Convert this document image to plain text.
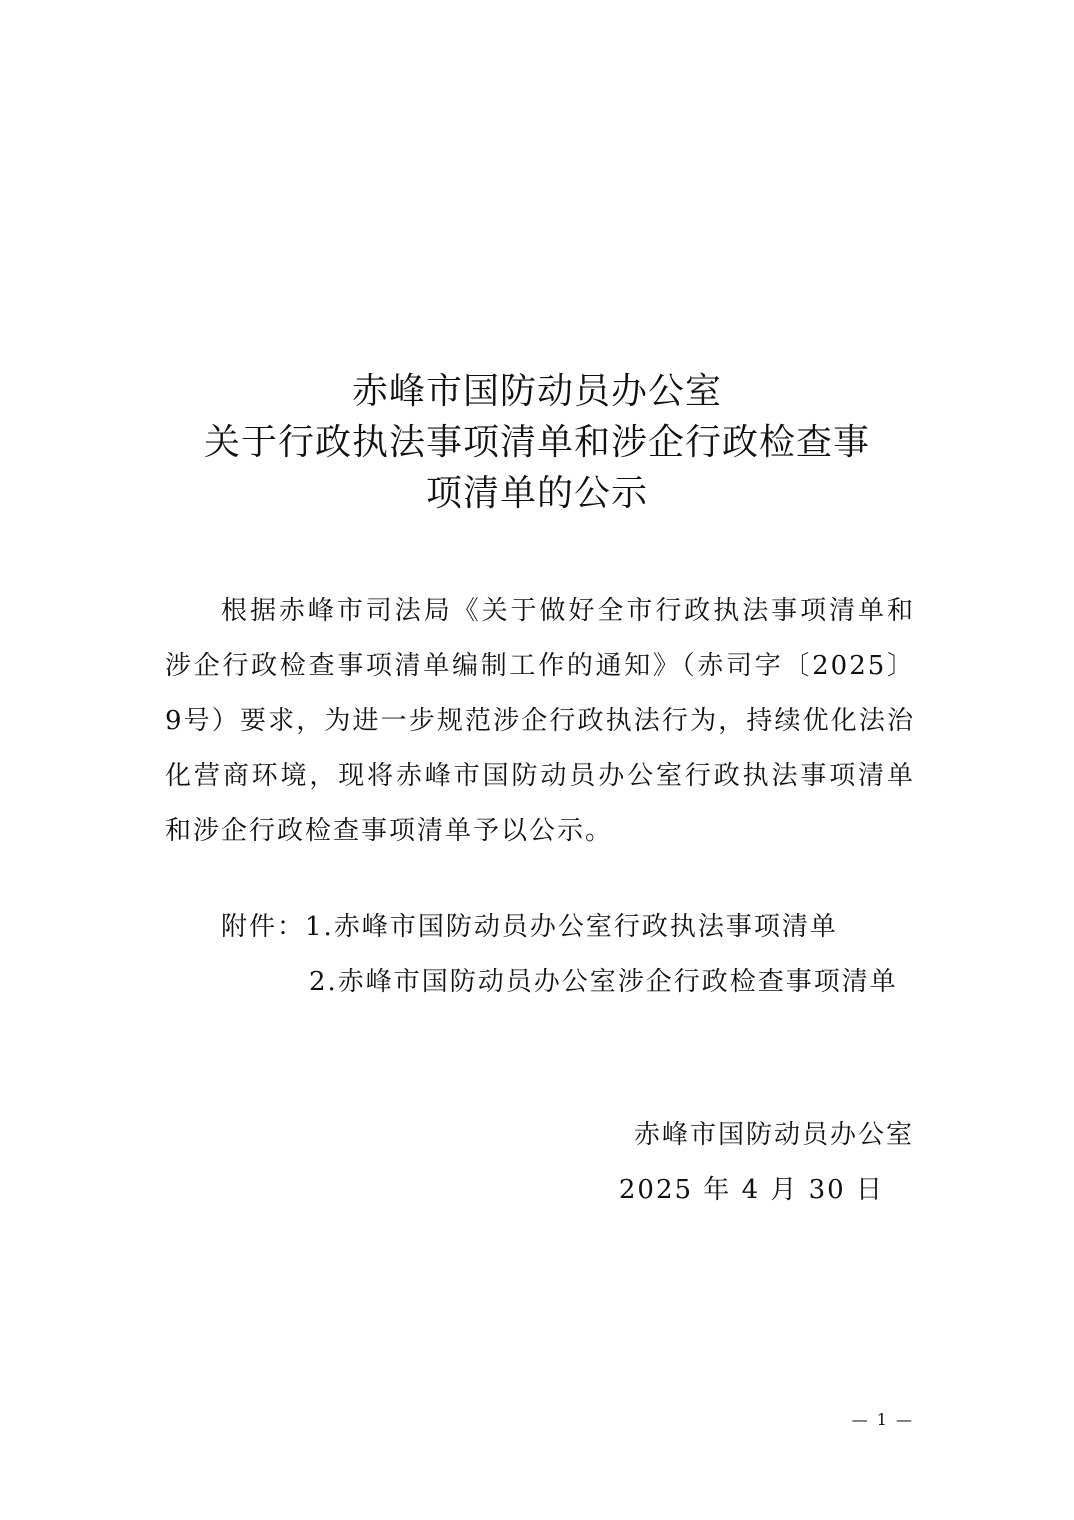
赤峰市国防动员办公室
关于行政执法事项清单和涉企行政检查事
项清单的公示
根据赤峰市司法局《关于做好全市行政执法事项清单和涉企行政检查事项清单编制工作的通知》（赤司字〔2025〕9号）要求，为进一步规范涉企行政执法行为，持续优化法治化营商环境，现将赤峰市国防动员办公室行政执法事项清单和涉企行政检查事项清单予以公示。
附件：1.赤峰市国防动员办公室行政执法事项清单
2.赤峰市国防动员办公室涉企行政检查事项清单
赤峰市国防动员办公室
2025 年 4 月 30 日
— 1 —
